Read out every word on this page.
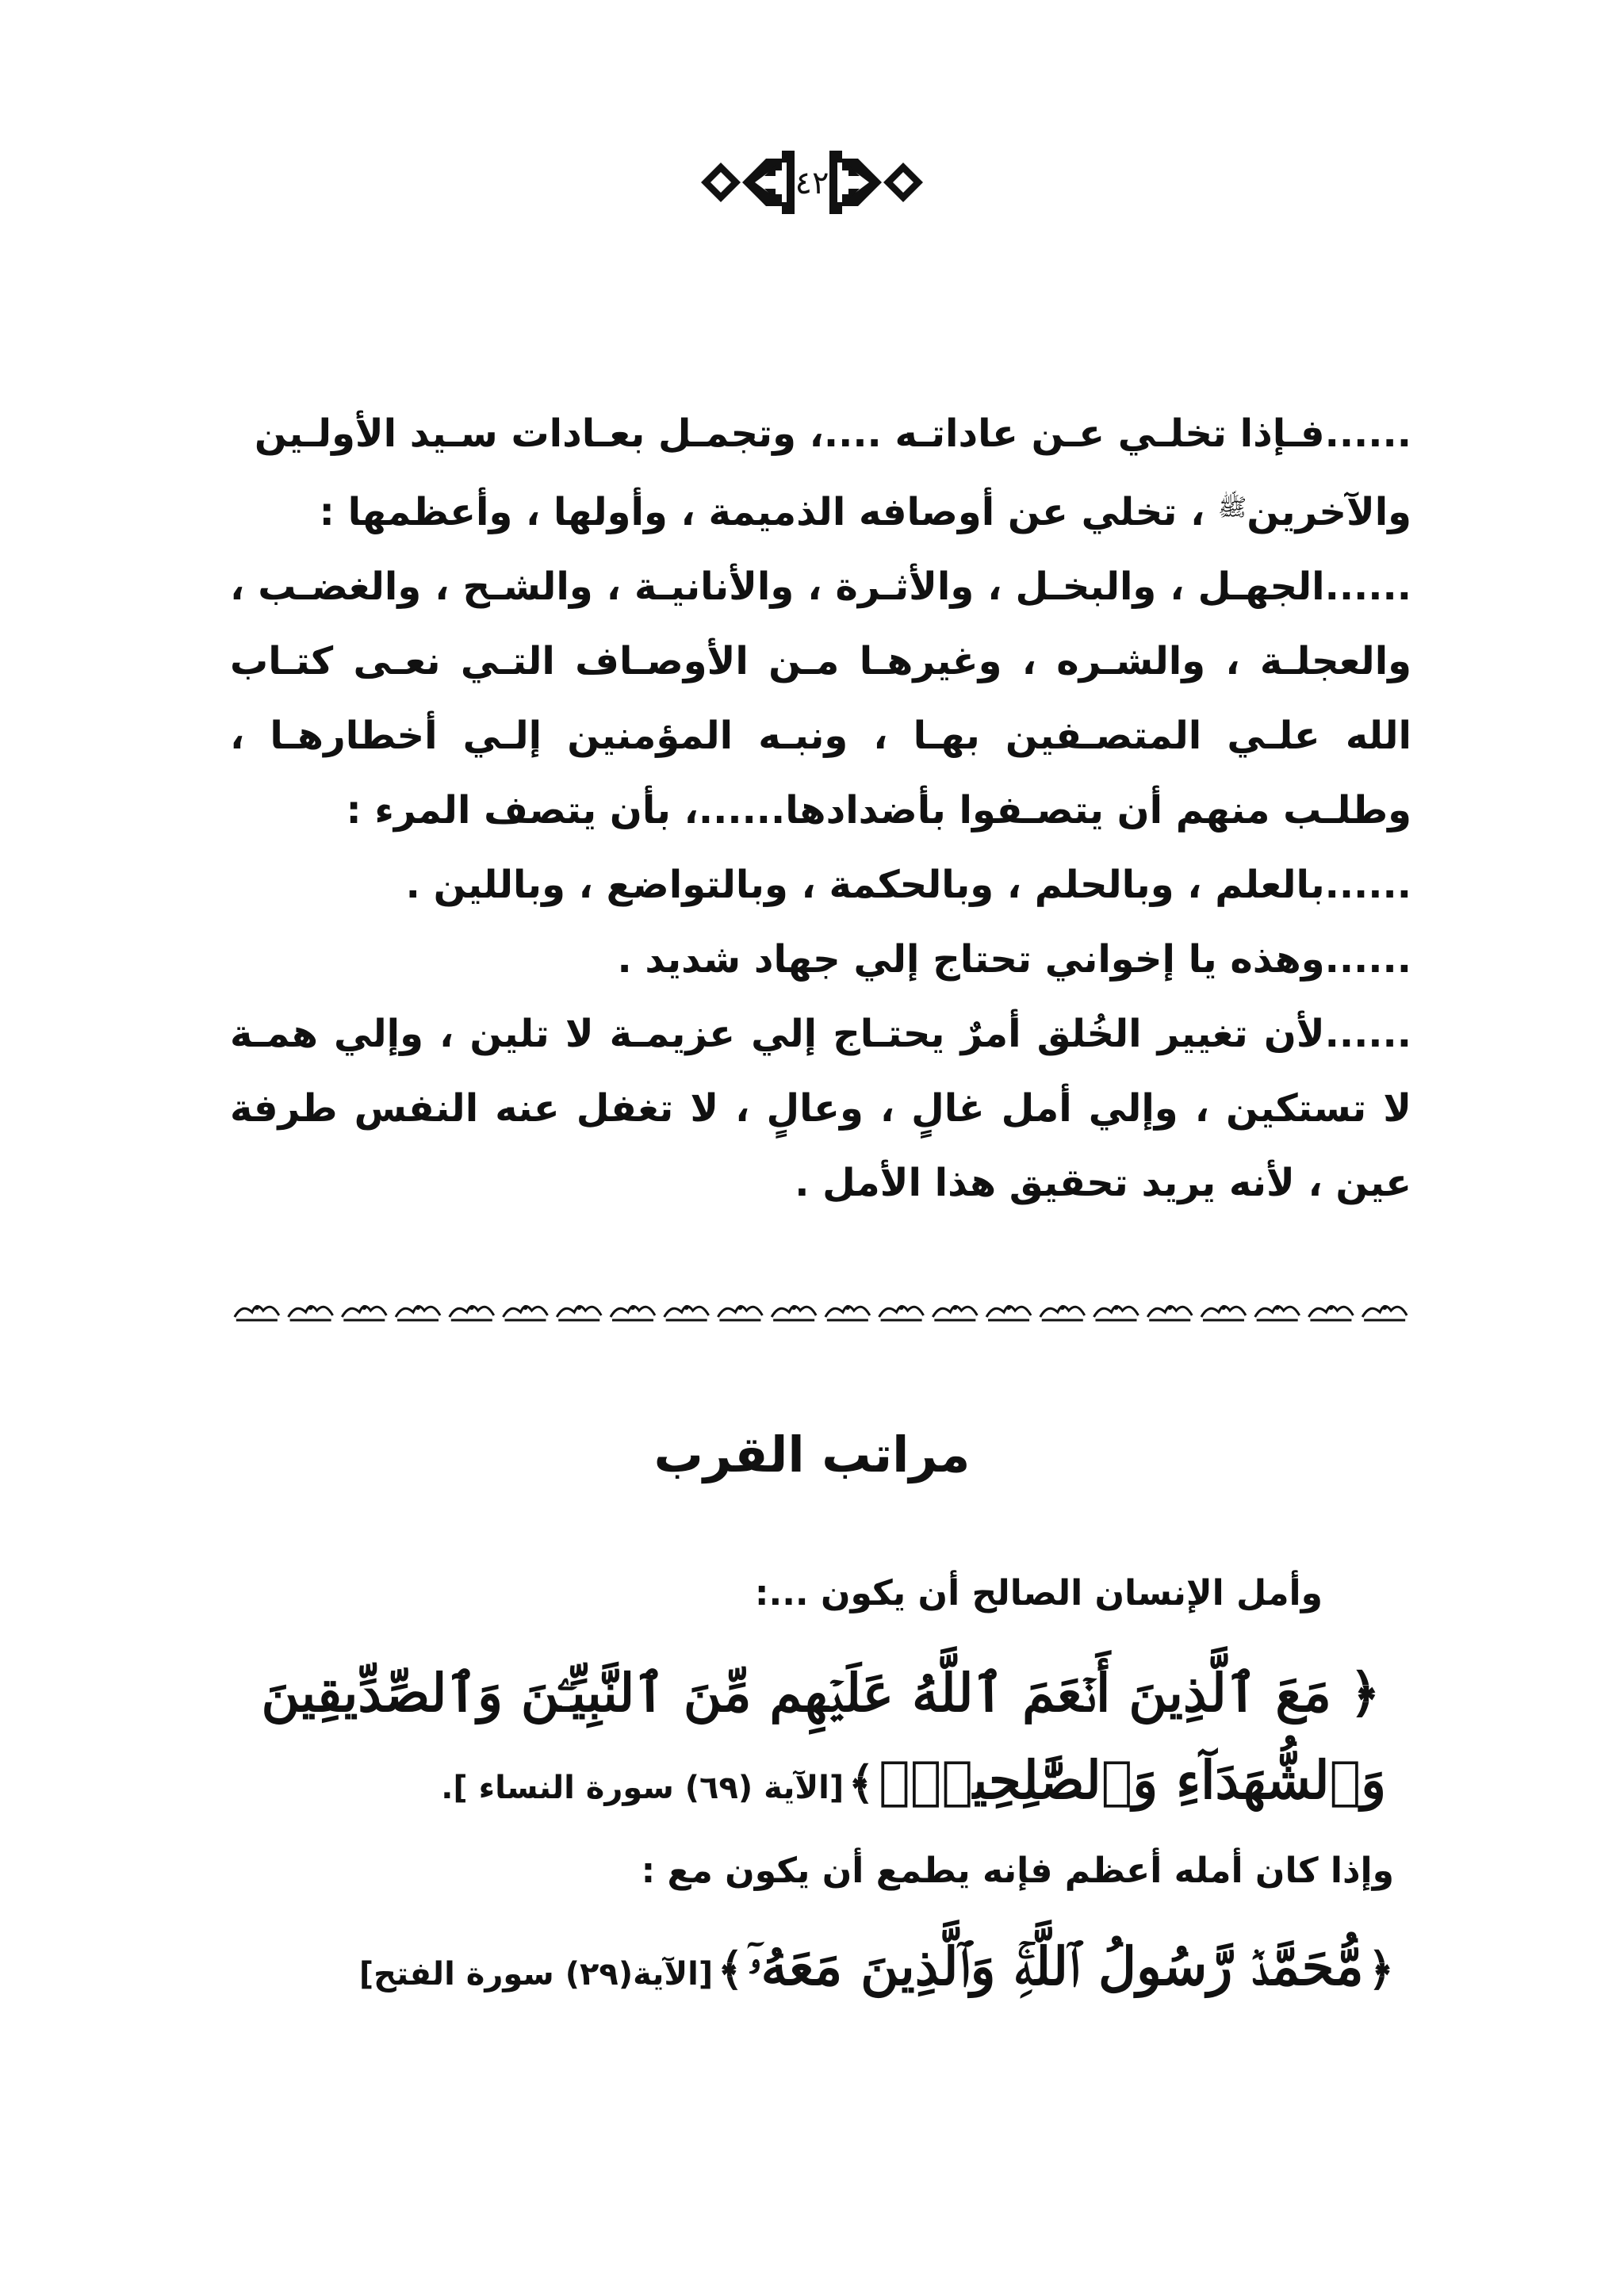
٤٢

......فـإذا تخلـي عـن عاداتـه ....، وتجمـل بعـادات سـيد الأولـين

والآخرين$^ﷺ$ ، تخلي عن أوصافه الذميمة ، وأولها ، وأعظمها :

......الجهـل ، والبخـل ، والأثـرة ، والأنانيـة ، والشـح ، والغضـب ، والعجلـة ، والشـره ، وغيرهـا مـن الأوصـاف التـي نعـى كتـاب الله علـي المتصـفين بهـا ، ونبـه المؤمنين إلـي أخطارهـا ، وطلـب منهم أن يتصـفوا بأضدادها......، بأن يتصف المرء :

......بالعلم ، وبالحلم ، وبالحكمة ، وبالتواضع ، وباللين .

......وهذه يا إخواني تحتاج إلي جهاد شديد .

......لأن تغيير الخُلق أمرٌ يحتـاج إلي عزيمـة لا تلين ، وإلي همـة لا تستكين ، وإلي أمل غالٍ ، وعالٍ ، لا تغفل عنه النفس طرفة عين ، لأنه يريد تحقيق هذا الأمل .

مراتب القرب
وأمل الإنسان الصالح أن يكون ...:
﴿ مَعَ ٱلَّذِينَ أَنۡعَمَ ٱللَّهُ عَلَيۡهِم مِّنَ ٱلنَّبِيِّـۧنَ وَٱلصِّدِّيقِينَ
وَٱلشُّهَدَآءِ وَٱلصَّٰلِحِينَۚ ﴾ [الآية (٦٩) سورة النساء ].
وإذا كان أمله أعظم فإنه يطمع أن يكون مع :
﴿ مُّحَمَّدٞ رَّسُولُ ٱللَّهِۚ وَٱلَّذِينَ مَعَهُۥٓ ﴾ [الآية(٢٩) سورة الفتح]
